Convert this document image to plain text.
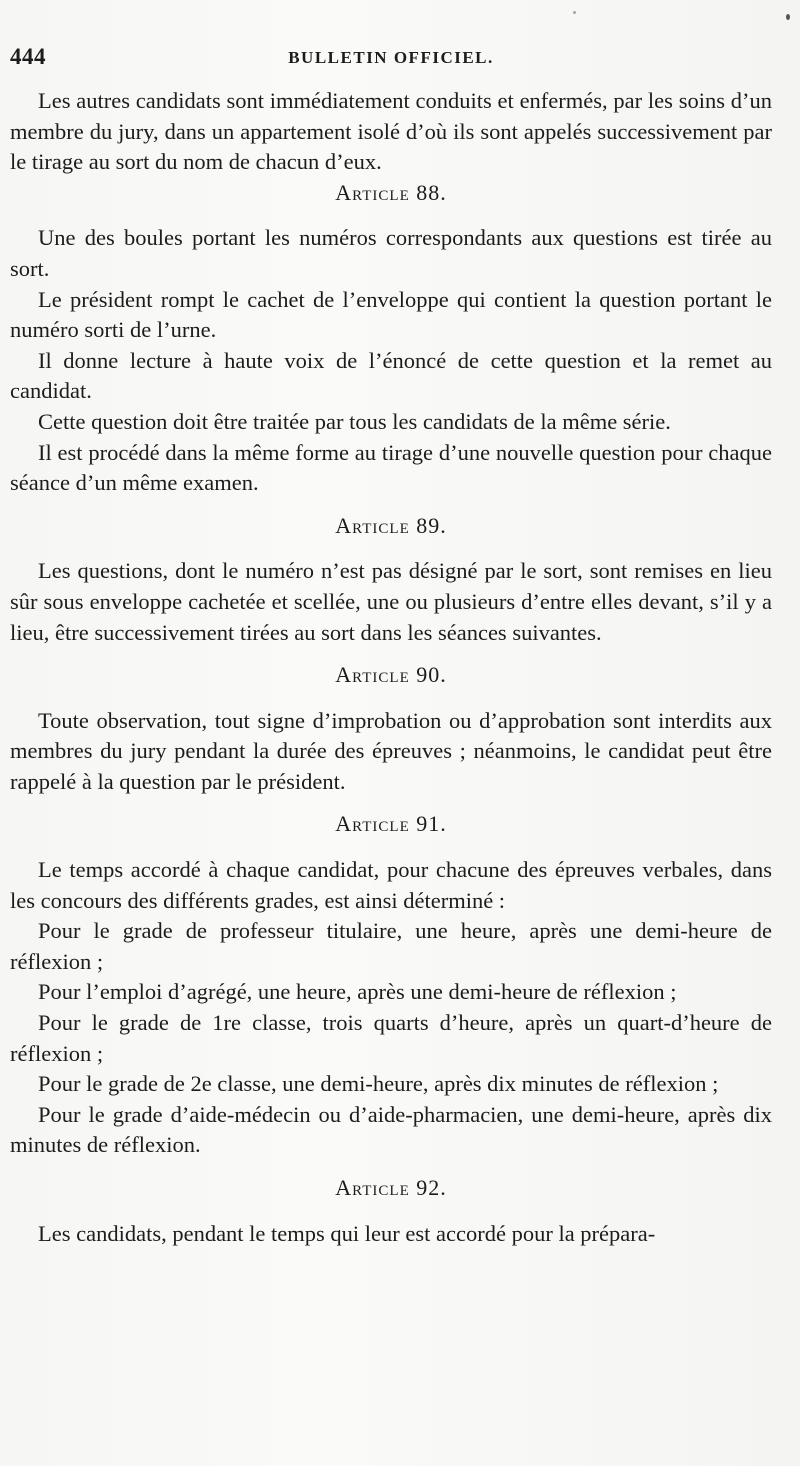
444	BULLETIN OFFICIEL.

Les autres candidats sont immédiatement conduits et enfermés, par les soins d’un membre du jury, dans un appartement isolé d’où ils sont appelés successivement par le tirage au sort du nom de chacun d’eux.

Article 88.

Une des boules portant les numéros correspondants aux questions est tirée au sort.

Le président rompt le cachet de l’enveloppe qui contient la question portant le numéro sorti de l’urne.

Il donne lecture à haute voix de l’énoncé de cette question et la remet au candidat.

Cette question doit être traitée par tous les candidats de la même série.

Il est procédé dans la même forme au tirage d’une nouvelle question pour chaque séance d’un même examen.

Article 89.

Les questions, dont le numéro n’est pas désigné par le sort, sont remises en lieu sûr sous enveloppe cachetée et scellée, une ou plusieurs d’entre elles devant, s’il y a lieu, être successivement tirées au sort dans les séances suivantes.

Article 90.

Toute observation, tout signe d’improbation ou d’approbation sont interdits aux membres du jury pendant la durée des épreuves ; néanmoins, le candidat peut être rappelé à la question par le président.

Article 91.

Le temps accordé à chaque candidat, pour chacune des épreuves verbales, dans les concours des différents grades, est ainsi déterminé :

Pour le grade de professeur titulaire, une heure, après une demi-heure de réflexion ;

Pour l’emploi d’agrégé, une heure, après une demi-heure de réflexion ;

Pour le grade de 1re classe, trois quarts d’heure, après un quart-d’heure de réflexion ;

Pour le grade de 2e classe, une demi-heure, après dix minutes de réflexion ;

Pour le grade d’aide-médecin ou d’aide-pharmacien, une demi-heure, après dix minutes de réflexion.

Article 92.

Les candidats, pendant le temps qui leur est accordé pour la prépara-
